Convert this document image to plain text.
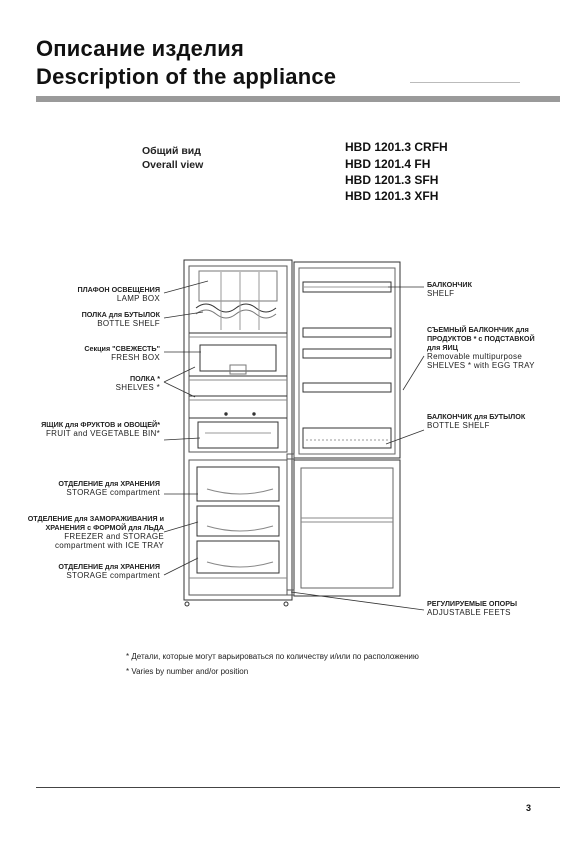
Описание изделия
Description of the appliance
Общий вид
Overall view
HBD 1201.3 CRFH
HBD 1201.4 FH
HBD 1201.3 SFH
HBD 1201.3 XFH
ПЛАФОН ОСВЕЩЕНИЯ
LAMP BOX
ПОЛКА для БУТЫЛОК
BOTTLE SHELF
Секция "СВЕЖЕСТЬ"
FRESH BOX
ПОЛКА *
SHELVES *
ЯЩИК для ФРУКТОВ и ОВОЩЕЙ*
FRUIT and VEGETABLE BIN*
ОТДЕЛЕНИЕ для ХРАНЕНИЯ
STORAGE compartment
ОТДЕЛЕНИЕ для ЗАМОРАЖИВАНИЯ и ХРАНЕНИЯ с ФОРМОЙ для ЛЬДА
FREEZER and STORAGE compartment with ICE TRAY
ОТДЕЛЕНИЕ для ХРАНЕНИЯ
STORAGE compartment
БАЛКОНЧИК
SHELF
СЪЕМНЫЙ БАЛКОНЧИК для ПРОДУКТОВ * с ПОДСТАВКОЙ для ЯИЦ
Removable multipurpose SHELVES * with EGG TRAY
БАЛКОНЧИК для БУТЫЛОК
BOTTLE SHELF
РЕГУЛИРУЕМЫЕ ОПОРЫ
ADJUSTABLE FEETS
* Детали, которые могут варьироваться по количеству и/или по расположению
* Varies by number and/or position
3
